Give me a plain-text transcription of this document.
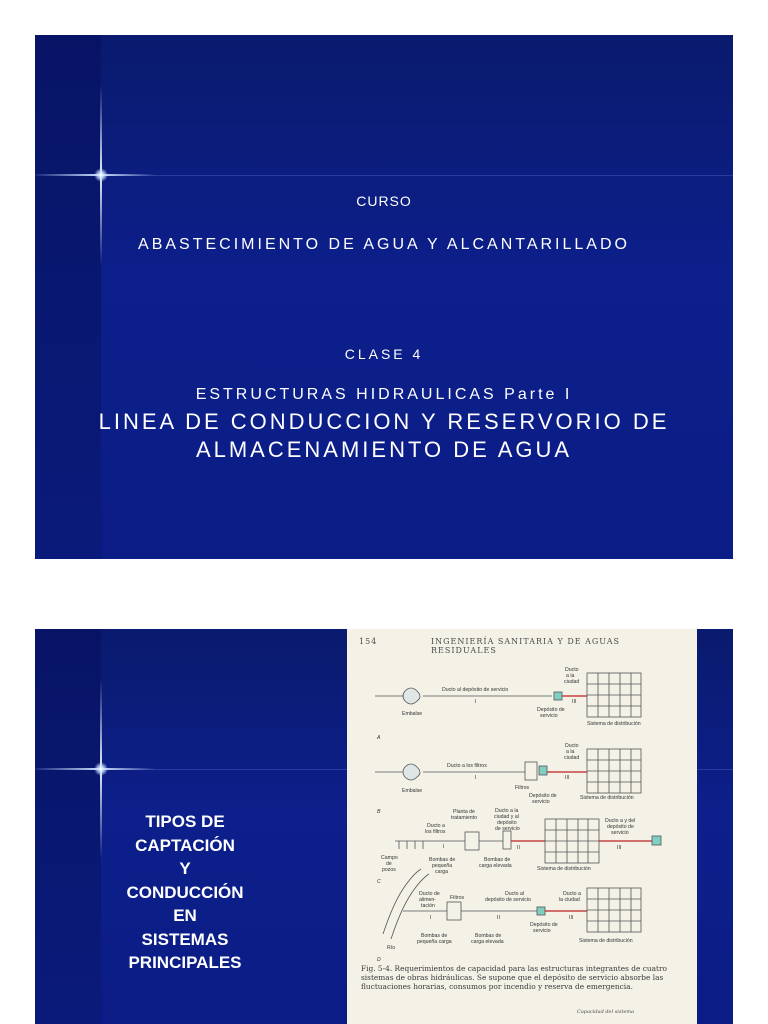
CURSO
ABASTECIMIENTO DE AGUA Y ALCANTARILLADO
CLASE 4
ESTRUCTURAS HIDRAULICAS Parte I
LINEA DE CONDUCCION Y RESERVORIO DE
ALMACENAMIENTO DE AGUA
TIPOS DE
CAPTACIÓN
Y
CONDUCCIÓN
EN
SISTEMAS
PRINCIPALES
154	INGENIERÍA SANITARIA Y DE AGUAS RESIDUALES
Ducto al depósito de servicio
I
Embalse
Ducto
a la
ciudad
III
Depósito de
servicio
Sistema de distribución
A
Ducto a los filtros
I
Filtros
Embalse
Ducto
a la
ciudad
III
Depósito de
servicio
Sistema de distribución
B	Planta de
tratamiento
Ducto a la
ciudad y al
depósito
de servicio
Ducto a
los filtros
I	II	III
Campo
de
pozos
Bombas de
pequeña
carga
Bombas de
carga elevada	Sistema de distribución
Ducto a y del
depósito de
servicio
C
Ducto de
alimen-
tación
Filtros
Ducto al
depósito de servicio
Ducto a
la ciudad
I	II	III
Río
Bombas de
pequeña carga
Bombas de
carga elevada
Depósito de
servicio
Sistema de distribución
D
Fig. 5-4. Requerimientos de capacidad para las estructuras integrantes de cuatro sistemas de obras hidráulicas. Se supone que el depósito de servicio absorbe las fluctuaciones horarias, consumos por incendio y reserva de emergencia.
Capacidad del sistema
